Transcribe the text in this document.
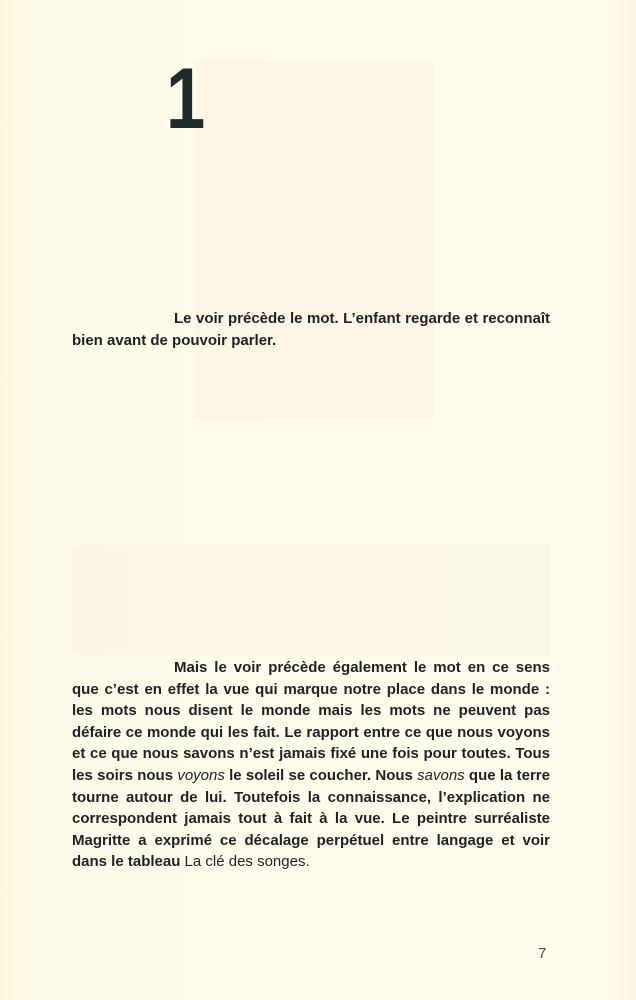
1

Le voir précède le mot. L’enfant regarde et reconnaît bien avant de pouvoir parler.

Mais le voir précède également le mot en ce sens que c’est en effet la vue qui marque notre place dans le monde : les mots nous disent le monde mais les mots ne peuvent pas défaire ce monde qui les fait. Le rapport entre ce que nous voyons et ce que nous savons n’est jamais fixé une fois pour toutes. Tous les soirs nous voyons le soleil se coucher. Nous savons que la terre tourne autour de lui. Toutefois la connaissance, l’explication ne correspondent jamais tout à fait à la vue. Le peintre surréaliste Magritte a exprimé ce décalage perpétuel entre langage et voir dans le tableau La clé des songes.

7
